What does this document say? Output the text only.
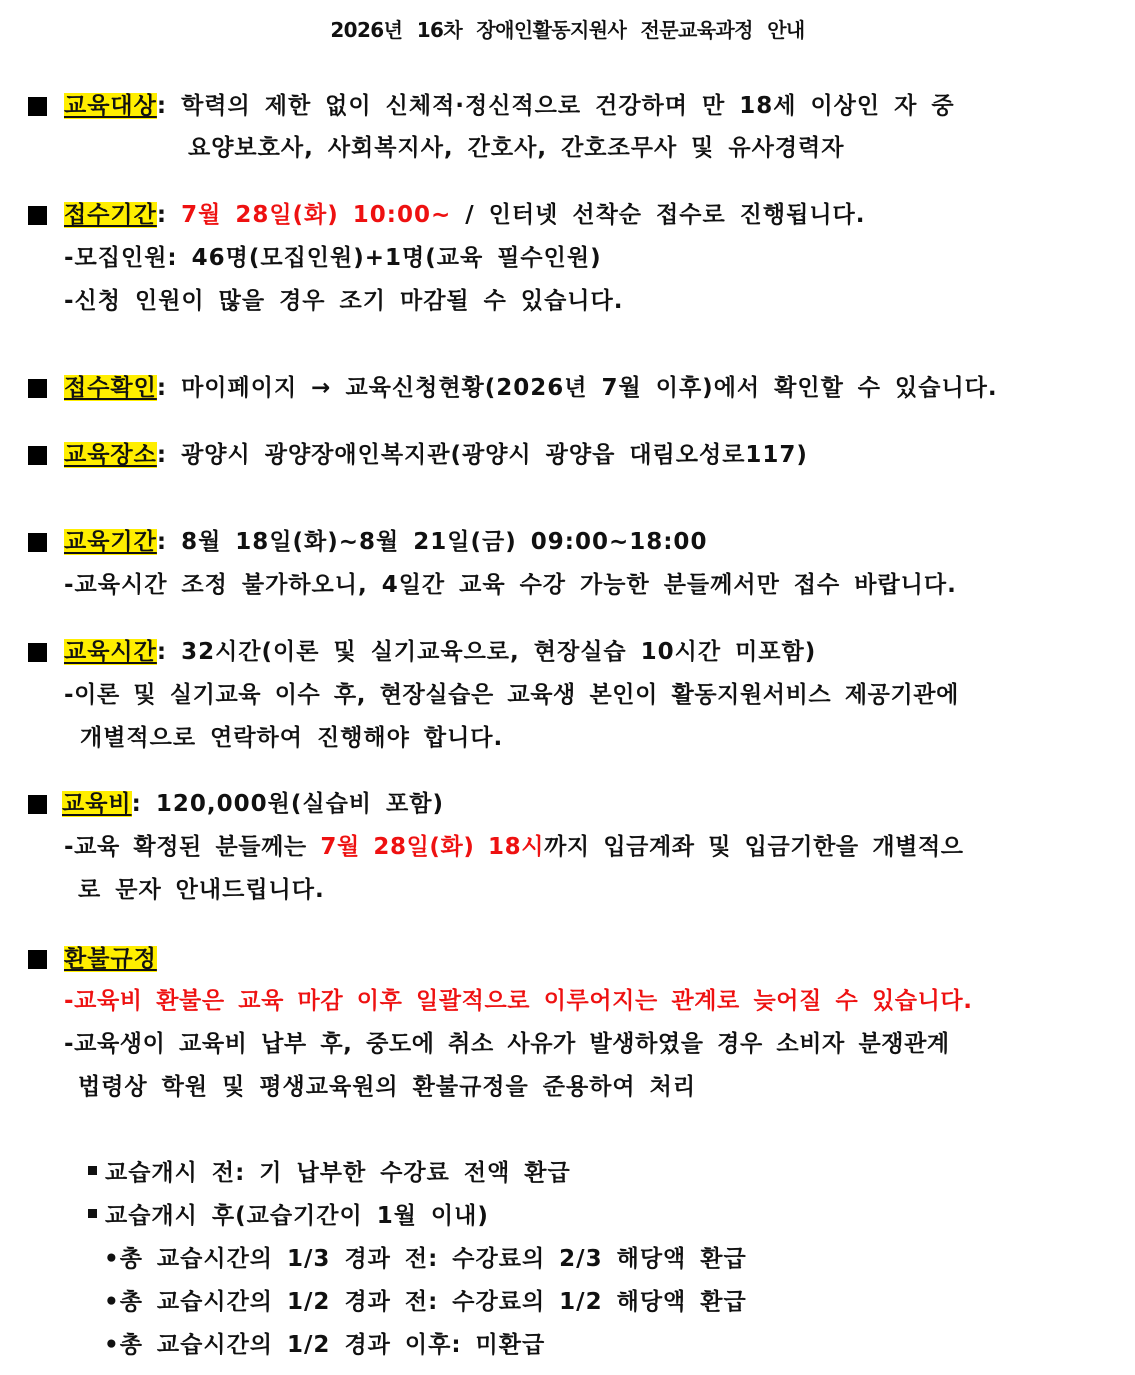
2026년 16차 장애인활동지원사 전문교육과정 안내
교육대상: 학력의 제한 없이 신체적·정신적으로 건강하며 만 18세 이상인 자 중
요양보호사, 사회복지사, 간호사, 간호조무사 및 유사경력자
접수기간: 7월 28일(화) 10:00~ / 인터넷 선착순 접수로 진행됩니다.
-모집인원: 46명(모집인원)+1명(교육 필수인원)
-신청 인원이 많을 경우 조기 마감될 수 있습니다.
접수확인: 마이페이지 → 교육신청현황(2026년 7월 이후)에서 확인할 수 있습니다.
교육장소: 광양시 광양장애인복지관(광양시 광양읍 대림오성로117)
교육기간: 8월 18일(화)~8월 21일(금) 09:00~18:00
-교육시간 조정 불가하오니, 4일간 교육 수강 가능한 분들께서만 접수 바랍니다.
교육시간: 32시간(이론 및 실기교육으로, 현장실습 10시간 미포함)
-이론 및 실기교육 이수 후, 현장실습은 교육생 본인이 활동지원서비스 제공기관에
개별적으로 연락하여 진행해야 합니다.
교육비: 120,000원(실습비 포함)
-교육 확정된 분들께는 7월 28일(화) 18시까지 입금계좌 및 입금기한을 개별적으
로 문자 안내드립니다.
환불규정
-교육비 환불은 교육 마감 이후 일괄적으로 이루어지는 관계로 늦어질 수 있습니다.
-교육생이 교육비 납부 후, 중도에 취소 사유가 발생하였을 경우 소비자 분쟁관계
법령상 학원 및 평생교육원의 환불규정을 준용하여 처리
교습개시 전: 기 납부한 수강료 전액 환급
교습개시 후(교습기간이 1월 이내)
•총 교습시간의 1/3 경과 전: 수강료의 2/3 해당액 환급
•총 교습시간의 1/2 경과 전: 수강료의 1/2 해당액 환급
•총 교습시간의 1/2 경과 이후: 미환급
